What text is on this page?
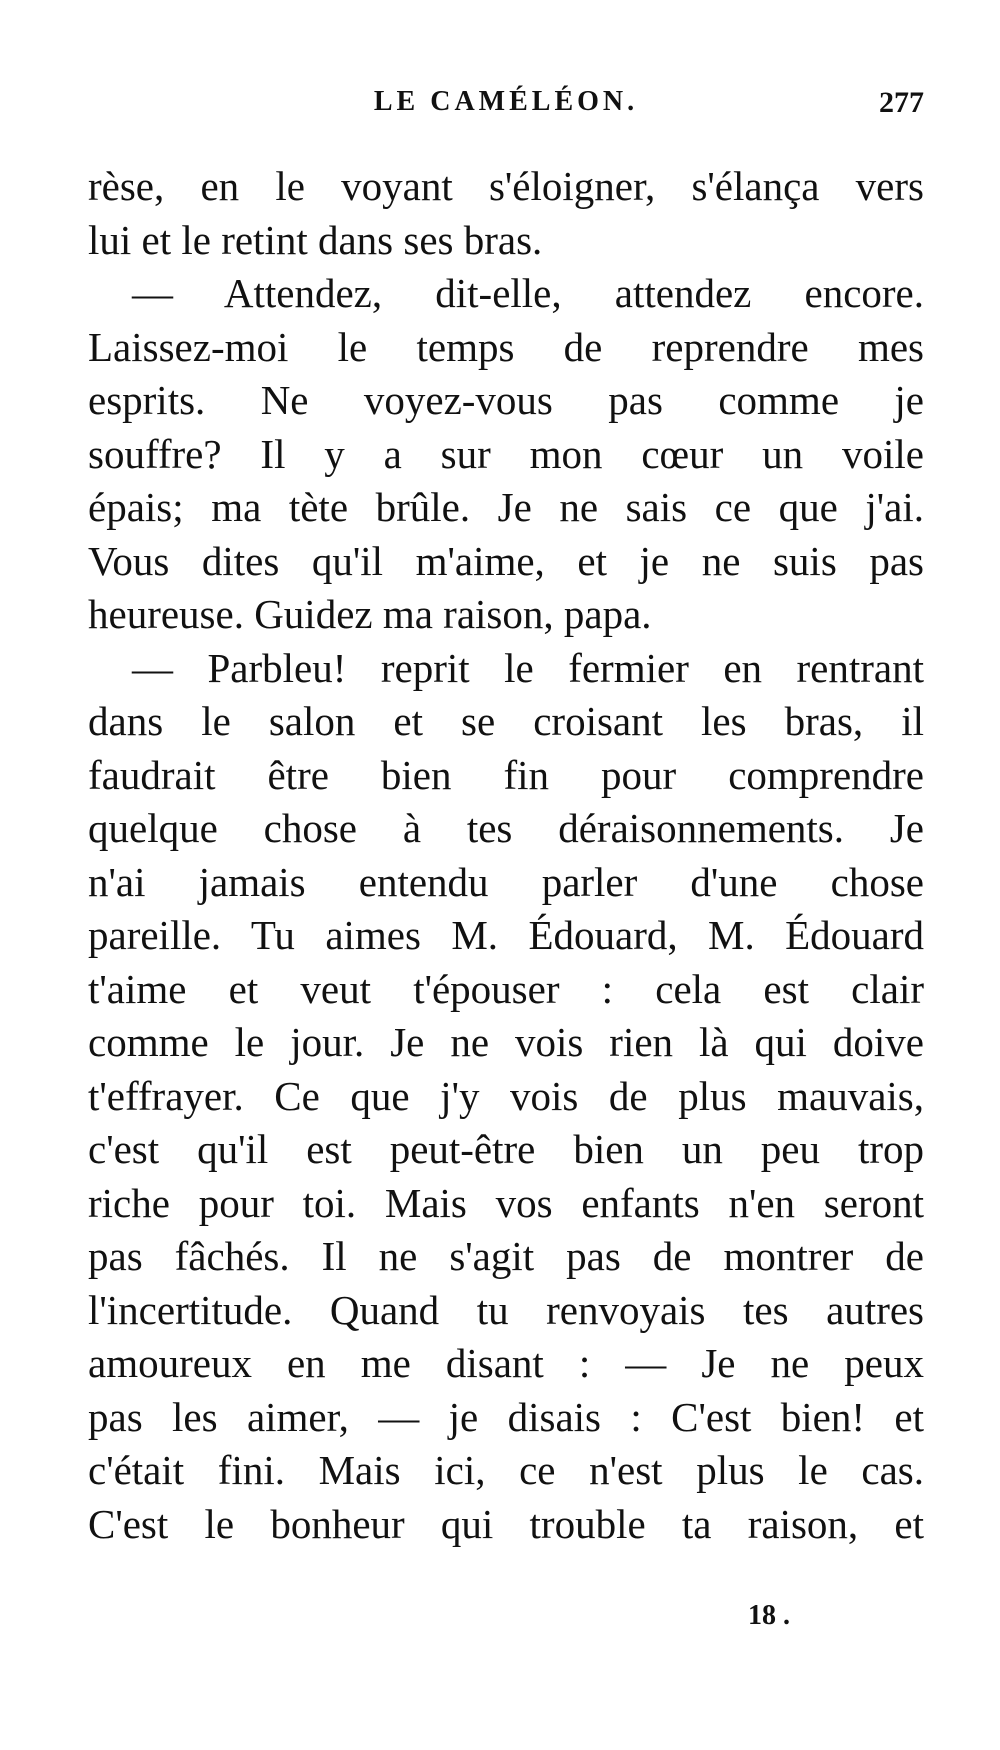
LE CAMÉLÉON.	277
rèse, en le voyant s'éloigner, s'élança vers
lui et le retint dans ses bras.
— Attendez, dit-elle, attendez encore.
Laissez-moi le temps de reprendre mes
esprits. Ne voyez-vous pas comme je
souffre? Il y a sur mon cœur un voile
épais; ma tète brûle. Je ne sais ce que j'ai.
Vous dites qu'il m'aime, et je ne suis pas
heureuse. Guidez ma raison, papa.
— Parbleu! reprit le fermier en rentrant
dans le salon et se croisant les bras, il
faudrait être bien fin pour comprendre
quelque chose à tes déraisonnements. Je
n'ai jamais entendu parler d'une chose
pareille. Tu aimes M. Édouard, M. Édouard
t'aime et veut t'épouser : cela est clair
comme le jour. Je ne vois rien là qui doive
t'effrayer. Ce que j'y vois de plus mauvais,
c'est qu'il est peut-être bien un peu trop
riche pour toi. Mais vos enfants n'en seront
pas fâchés. Il ne s'agit pas de montrer de
l'incertitude. Quand tu renvoyais tes autres
amoureux en me disant : — Je ne peux
pas les aimer, — je disais : C'est bien! et
c'était fini. Mais ici, ce n'est plus le cas.
C'est le bonheur qui trouble ta raison, et
18 .
